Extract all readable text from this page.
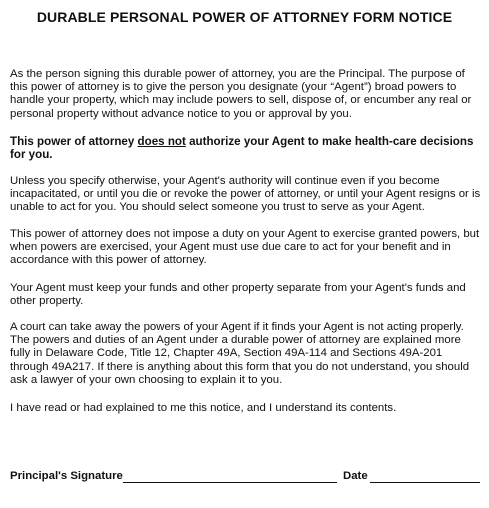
DURABLE PERSONAL POWER OF ATTORNEY FORM NOTICE

As the person signing this durable power of attorney, you are the Principal. The purpose of this power of attorney is to give the person you designate (your “Agent”) broad powers to handle your property, which may include powers to sell, dispose of, or encumber any real or personal property without advance notice to you or approval by you.

This power of attorney does not authorize your Agent to make health-care decisions for you.

Unless you specify otherwise, your Agent's authority will continue even if you become incapacitated, or until you die or revoke the power of attorney, or until your Agent resigns or is unable to act for you. You should select someone you trust to serve as your Agent.

This power of attorney does not impose a duty on your Agent to exercise granted powers, but when powers are exercised, your Agent must use due care to act for your benefit and in accordance with this power of attorney.

Your Agent must keep your funds and other property separate from your Agent's funds and other property.

A court can take away the powers of your Agent if it finds your Agent is not acting properly. The powers and duties of an Agent under a durable power of attorney are explained more fully in Delaware Code, Title 12, Chapter 49A, Section 49A-114 and Sections 49A-201 through 49A217. If there is anything about this form that you do not understand, you should ask a lawyer of your own choosing to explain it to you.

I have read or had explained to me this notice, and I understand its contents.

Principal's Signature	Date
